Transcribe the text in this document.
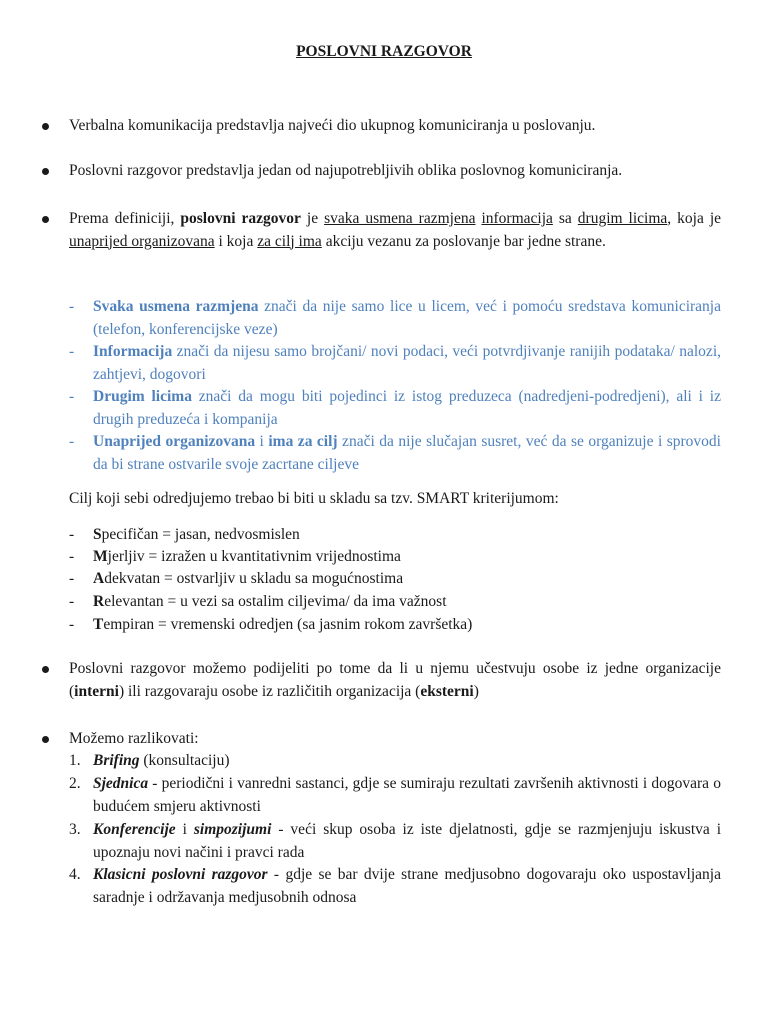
POSLOVNI RAZGOVOR
Verbalna komunikacija predstavlja najveći dio ukupnog komuniciranja u poslovanju.
Poslovni razgovor predstavlja jedan od najupotrebljivih oblika poslovnog komuniciranja.
Prema definiciji, poslovni razgovor je svaka usmena razmjena informacija sa drugim licima, koja je unaprijed organizovana i koja za cilj ima akciju vezanu za poslovanje bar jedne strane.
- Svaka usmena razmjena znači da nije samo lice u licem, već i pomoću sredstava komuniciranja (telefon, konferencijske veze)
- Informacija znači da nijesu samo brojčani/ novi podaci, veći potvrdjivanje ranijih podataka/ nalozi, zahtjevi, dogovori
- Drugim licima znači da mogu biti pojedinci iz istog preduzeca (nadredjeni-podredjeni), ali i iz drugih preduzeća i kompanija
- Unaprijed organizovana i ima za cilj znači da nije slučajan susret, već da se organizuje i sprovodi da bi strane ostvarile svoje zacrtane ciljeve
Cilj koji sebi odredjujemo trebao bi biti u skladu sa tzv. SMART kriterijumom:
- Specifičan = jasan, nedvosmislen
- Mjerljiv = izražen u kvantitativnim vrijednostima
- Adekvatan = ostvarljiv u skladu sa mogućnostima
- Relevantan = u vezi sa ostalim ciljevima/ da ima važnost
- Tempiran = vremenski odredjen (sa jasnim rokom završetka)
Poslovni razgovor možemo podijeliti po tome da li u njemu učestvuju osobe iz jedne organizacije (interni) ili razgovaraju osobe iz različitih organizacija (eksterni)
Možemo razlikovati:
1. Brifing (konsultaciju)
2. Sjednica - periodični i vanredni sastanci, gdje se sumiraju rezultati završenih aktivnosti i dogovara o budućem smjeru aktivnosti
3. Konferencije i simpozijumi - veći skup osoba iz iste djelatnosti, gdje se razmjenjuju iskustva i upoznaju novi načini i pravci rada
4. Klasicni poslovni razgovor - gdje se bar dvije strane medjusobno dogovaraju oko uspostavljanja saradnje i održavanja medjusobnih odnosa
